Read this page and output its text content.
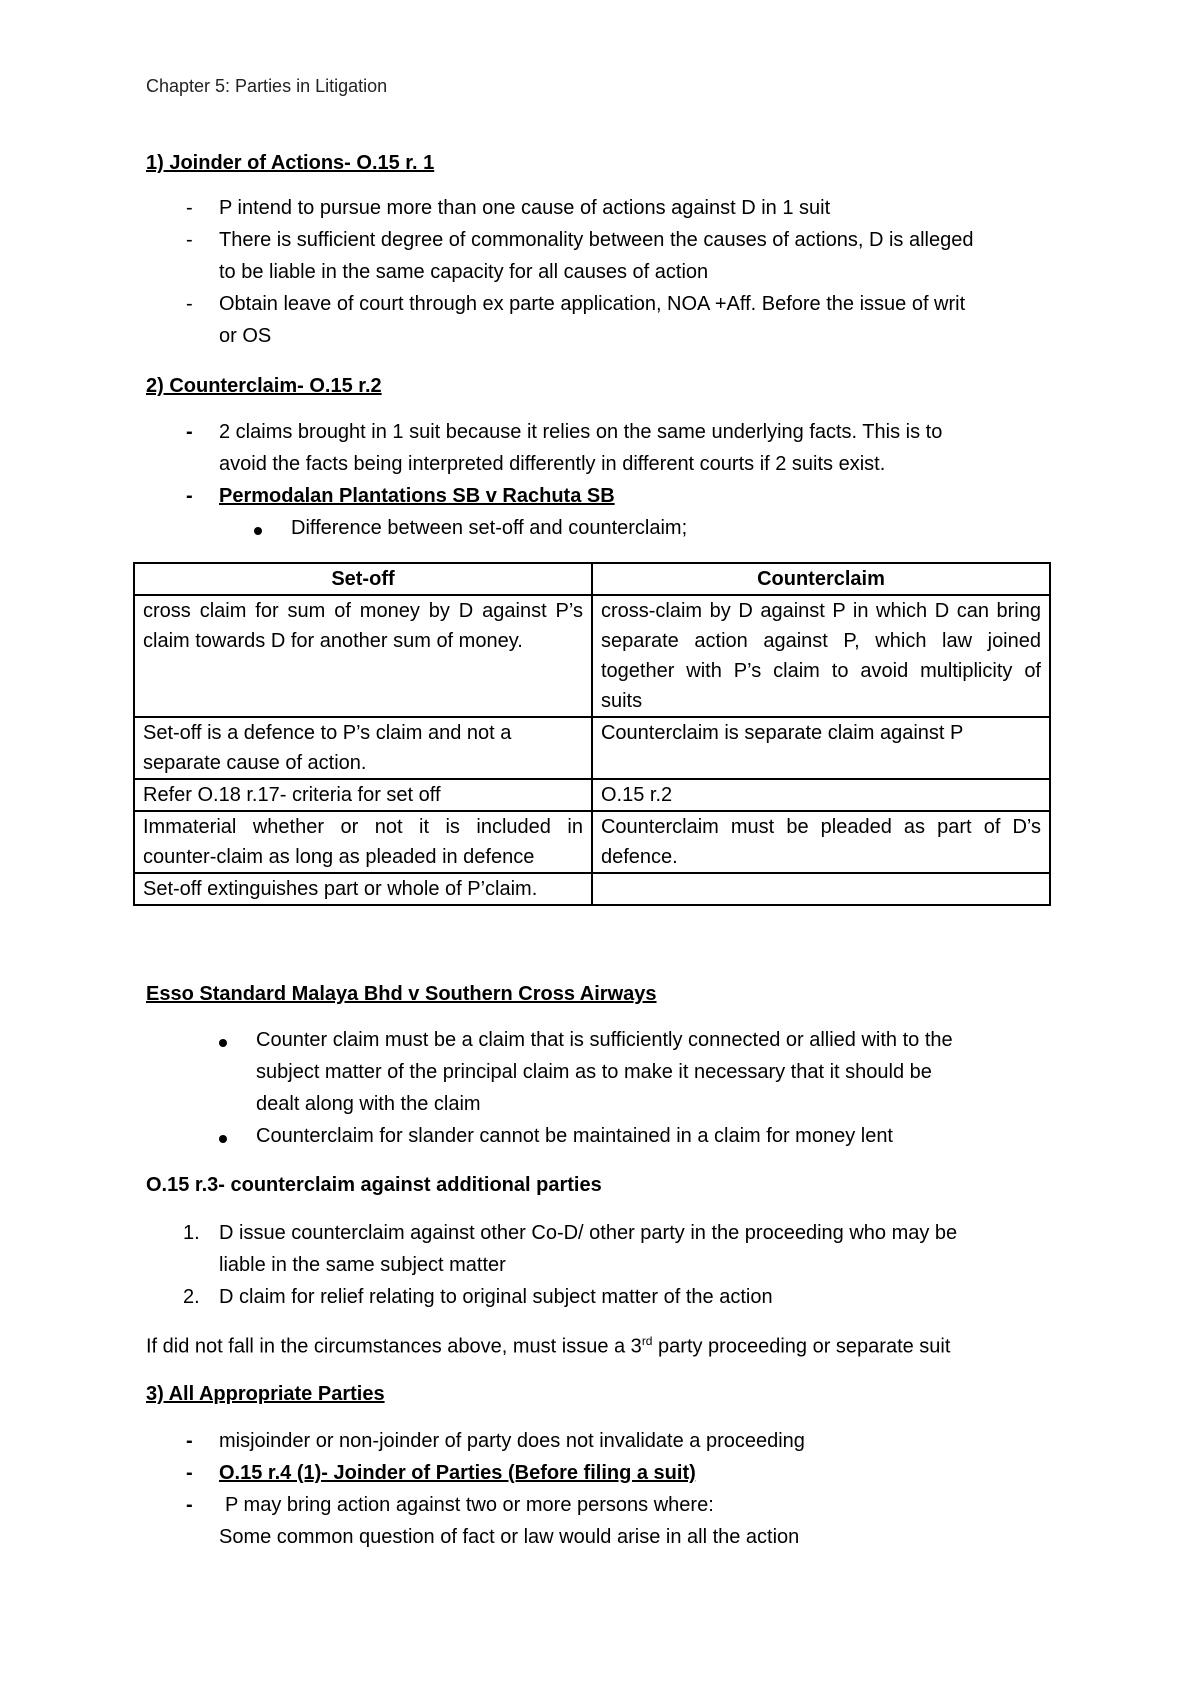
Chapter 5: Parties in Litigation
1) Joinder of Actions- O.15 r. 1
- P intend to pursue more than one cause of actions against D in 1 suit
- There is sufficient degree of commonality between the causes of actions, D is alleged
to be liable in the same capacity for all causes of action
- Obtain leave of court through ex parte application, NOA +Aff. Before the issue of writ
or OS
2) Counterclaim- O.15 r.2
- 2 claims brought in 1 suit because it relies on the same underlying facts. This is to
avoid the facts being interpreted differently in different courts if 2 suits exist.
- Permodalan Plantations SB v Rachuta SB
Difference between set-off and counterclaim;
Set-off	Counterclaim
cross claim for sum of money by D against P’s claim towards D for another sum of money.	cross-claim by D against P in which D can bring separate action against P, which law joined together with P’s claim to avoid multiplicity of suits
Set-off is a defence to P’s claim and not a separate cause of action.	Counterclaim is separate claim against P
Refer O.18 r.17- criteria for set off	O.15 r.2
Immaterial whether or not it is included in counter-claim as long as pleaded in defence	Counterclaim must be pleaded as part of D’s defence.
Set-off extinguishes part or whole of P’claim.	
Esso Standard Malaya Bhd v Southern Cross Airways
Counter claim must be a claim that is sufficiently connected or allied with to the
subject matter of the principal claim as to make it necessary that it should be
dealt along with the claim
Counterclaim for slander cannot be maintained in a claim for money lent
O.15 r.3- counterclaim against additional parties
1. D issue counterclaim against other Co-D/ other party in the proceeding who may be
liable in the same subject matter
2. D claim for relief relating to original subject matter of the action
If did not fall in the circumstances above, must issue a 3rd party proceeding or separate suit
3) All Appropriate Parties
- misjoinder or non-joinder of party does not invalidate a proceeding
- O.15 r.4 (1)- Joinder of Parties (Before filing a suit)
- P may bring action against two or more persons where:
Some common question of fact or law would arise in all the action
